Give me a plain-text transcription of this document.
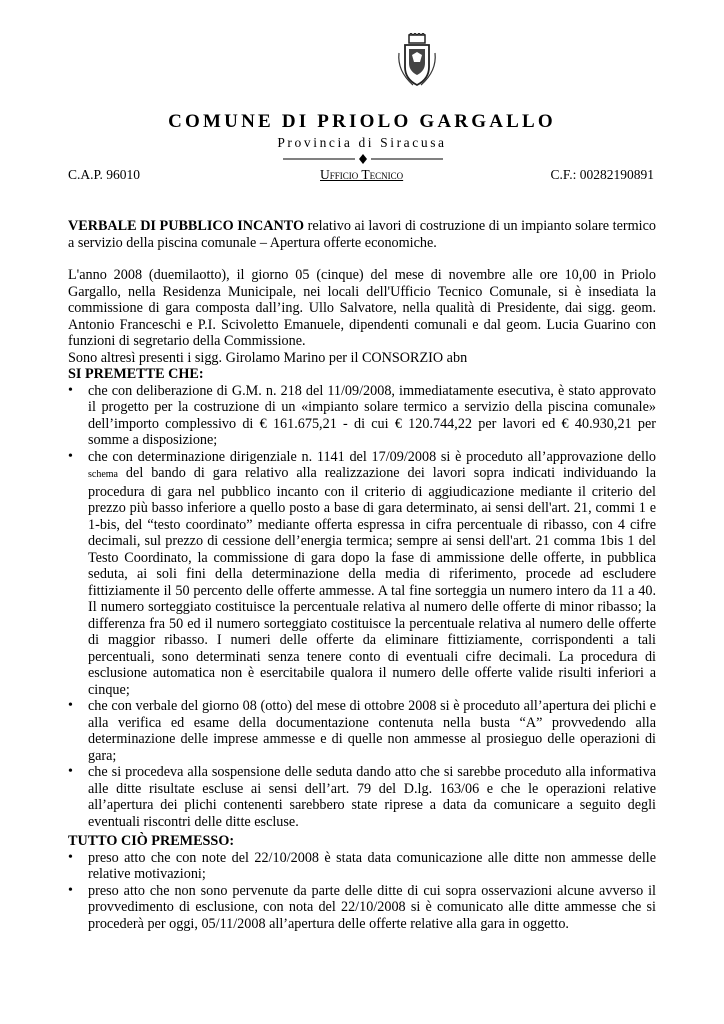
COMUNE DI PRIOLO GARGALLO
Provincia di Siracusa
C.A.P. 96010	Ufficio Tecnico	C.F.: 00282190891

VERBALE DI PUBBLICO INCANTO relativo ai lavori di costruzione di un impianto solare termico a servizio della piscina comunale – Apertura offerte economiche.

L'anno 2008 (duemilaotto), il giorno 05 (cinque) del mese di novembre alle ore 10,00 in Priolo Gargallo, nella Residenza Municipale, nei locali dell'Ufficio Tecnico Comunale, si è insediata la commissione di gara composta dall’ing. Ullo Salvatore, nella qualità di Presidente, dai sigg. geom. Antonio Franceschi e P.I. Scivoletto Emanuele, dipendenti comunali e dal geom. Lucia Guarino con funzioni di segretario della Commissione.

Sono altresì presenti i sigg. Girolamo Marino per il CONSORZIO abn

SI PREMETTE CHE:
• che con deliberazione di G.M. n. 218 del 11/09/2008, immediatamente esecutiva, è stato approvato il progetto per la costruzione di un «impianto solare termico a servizio della piscina comunale» dell’importo complessivo di € 161.675,21 - di cui € 120.744,22 per lavori ed € 40.930,21 per somme a disposizione;
• che con determinazione dirigenziale n. 1141 del 17/09/2008 si è proceduto all’approvazione dello schema del bando di gara relativo alla realizzazione dei lavori sopra indicati individuando la procedura di gara nel pubblico incanto con il criterio di aggiudicazione mediante il criterio del prezzo più basso inferiore a quello posto a base di gara determinato, ai sensi dell'art. 21, commi 1 e 1-bis, del “testo coordinato” mediante offerta espressa in cifra percentuale di ribasso, con 4 cifre decimali, sul prezzo di cessione dell’energia termica; sempre ai sensi dell'art. 21 comma 1bis 1 del Testo Coordinato, la commissione di gara dopo la fase di ammissione delle offerte, in pubblica seduta, ai soli fini della determinazione della media di riferimento, procede ad escludere fittiziamente il 50 percento delle offerte ammesse. A tal fine sorteggia un numero intero da 11 a 40. Il numero sorteggiato costituisce la percentuale relativa al numero delle offerte di minor ribasso; la differenza fra 50 ed il numero sorteggiato costituisce la percentuale relativa al numero delle offerte di maggior ribasso. I numeri delle offerte da eliminare fittiziamente, corrispondenti a tali percentuali, sono determinati senza tenere conto di eventuali cifre decimali. La procedura di esclusione automatica non è esercitabile qualora il numero delle offerte valide risulti inferiori a cinque;
• che con verbale del giorno 08 (otto) del mese di ottobre 2008 si è proceduto all’apertura dei plichi e alla verifica ed esame della documentazione contenuta nella busta “A” provvedendo alla determinazione delle imprese ammesse e di quelle non ammesse al prosieguo delle operazioni di gara;
• che si procedeva alla sospensione delle seduta dando atto che si sarebbe proceduto alla informativa alle ditte risultate escluse ai sensi dell’art. 79 del D.lg. 163/06 e che le operazioni relative all’apertura dei plichi contenenti sarebbero state riprese a data da comunicare a seguito degli eventuali riscontri delle ditte escluse.
TUTTO CIÒ PREMESSO:
• preso atto che con note del 22/10/2008 è stata data comunicazione alle ditte non ammesse delle relative motivazioni;
• preso atto che non sono pervenute da parte delle ditte di cui sopra osservazioni alcune avverso il provvedimento di esclusione, con nota del 22/10/2008 si è comunicato alle ditte ammesse che si procederà per oggi, 05/11/2008 all’apertura delle offerte relative alla gara in oggetto.
